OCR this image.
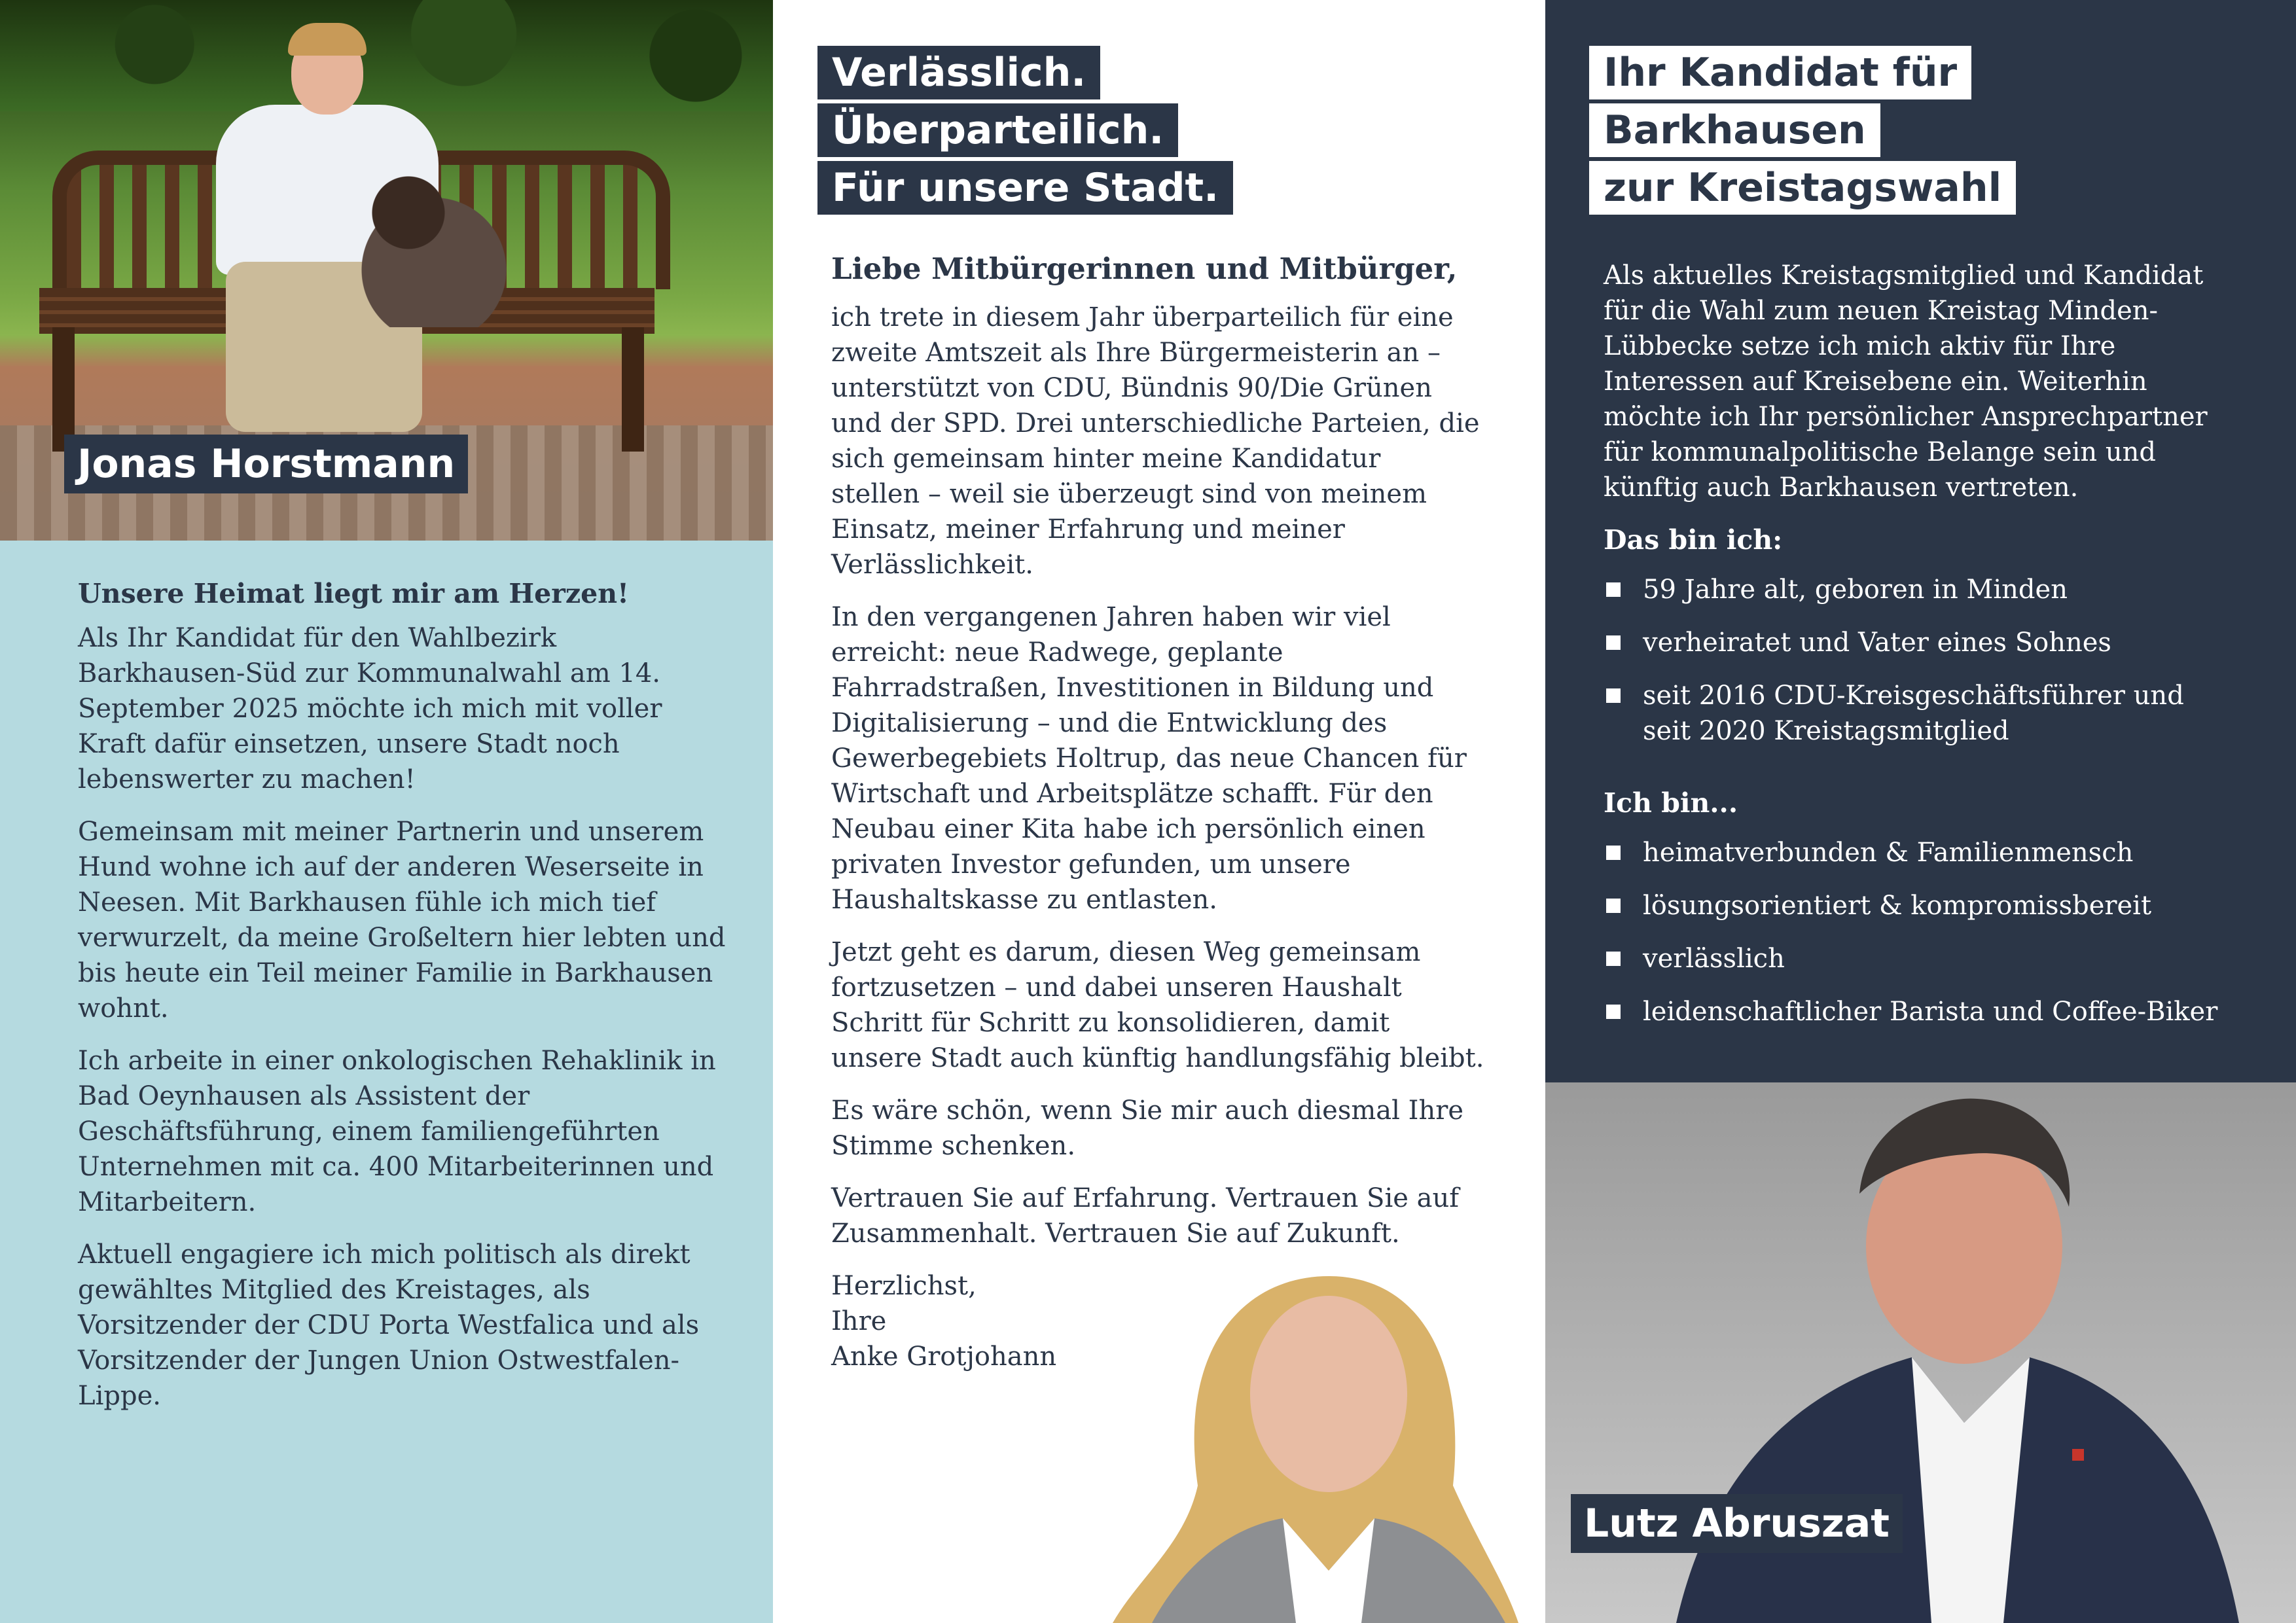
Unsere Heimat liegt mir am Herzen!

Als Ihr Kandidat für den Wahlbezirk
Barkhausen-Süd zur Kommunalwahl am 14.
September 2025 möchte ich mich mit voller
Kraft dafür einsetzen, unsere Stadt noch
lebenswerter zu machen!

Gemeinsam mit meiner Partnerin und unserem
Hund wohne ich auf der anderen Weserseite in
Neesen. Mit Barkhausen fühle ich mich tief
verwurzelt, da meine Großeltern hier lebten und
bis heute ein Teil meiner Familie in Barkhausen
wohnt.

Ich arbeite in einer onkologischen Rehaklinik in
Bad Oeynhausen als Assistent der
Geschäftsführung, einem familiengeführten
Unternehmen mit ca. 400 Mitarbeiterinnen und
Mitarbeitern.

Aktuell engagiere ich mich politisch als direkt
gewähltes Mitglied des Kreistages, als
Vorsitzender der CDU Porta Westfalica und als
Vorsitzender der Jungen Union Ostwestfalen-
Lippe.

Jonas Horstmann
Verlässlich.
Überparteilich.
Für unsere Stadt.
Liebe Mitbürgerinnen und Mitbürger,

ich trete in diesem Jahr überparteilich für eine
zweite Amtszeit als Ihre Bürgermeisterin an –
unterstützt von CDU, Bündnis 90/Die Grünen
und der SPD. Drei unterschiedliche Parteien, die
sich gemeinsam hinter meine Kandidatur
stellen – weil sie überzeugt sind von meinem
Einsatz, meiner Erfahrung und meiner
Verlässlichkeit.

In den vergangenen Jahren haben wir viel
erreicht: neue Radwege, geplante
Fahrradstraßen, Investitionen in Bildung und
Digitalisierung – und die Entwicklung des
Gewerbegebiets Holtrup, das neue Chancen für
Wirtschaft und Arbeitsplätze schafft. Für den
Neubau einer Kita habe ich persönlich einen
privaten Investor gefunden, um unsere
Haushaltskasse zu entlasten.

Jetzt geht es darum, diesen Weg gemeinsam
fortzusetzen – und dabei unseren Haushalt
Schritt für Schritt zu konsolidieren, damit
unsere Stadt auch künftig handlungsfähig bleibt.

Es wäre schön, wenn Sie mir auch diesmal Ihre
Stimme schenken.

Vertrauen Sie auf Erfahrung. Vertrauen Sie auf
Zusammenhalt. Vertrauen Sie auf Zukunft.

Herzlichst,
Ihre
Anke Grotjohann

Ihr Kandidat für
Barkhausen
zur Kreistagswahl

Als aktuelles Kreistagsmitglied und Kandidat
für die Wahl zum neuen Kreistag Minden-
Lübbecke setze ich mich aktiv für Ihre
Interessen auf Kreisebene ein. Weiterhin
möchte ich Ihr persönlicher Ansprechpartner
für kommunalpolitische Belange sein und
künftig auch Barkhausen vertreten.

Das bin ich:
59 Jahre alt, geboren in Minden
verheiratet und Vater eines Sohnes
seit 2016 CDU-Kreisgeschäftsführer und
seit 2020 Kreistagsmitglied
Ich bin...
heimatverbunden & Familienmensch
lösungsorientiert & kompromissbereit
verlässlich
leidenschaftlicher Barista und Coffee-Biker
Lutz Abruszat
